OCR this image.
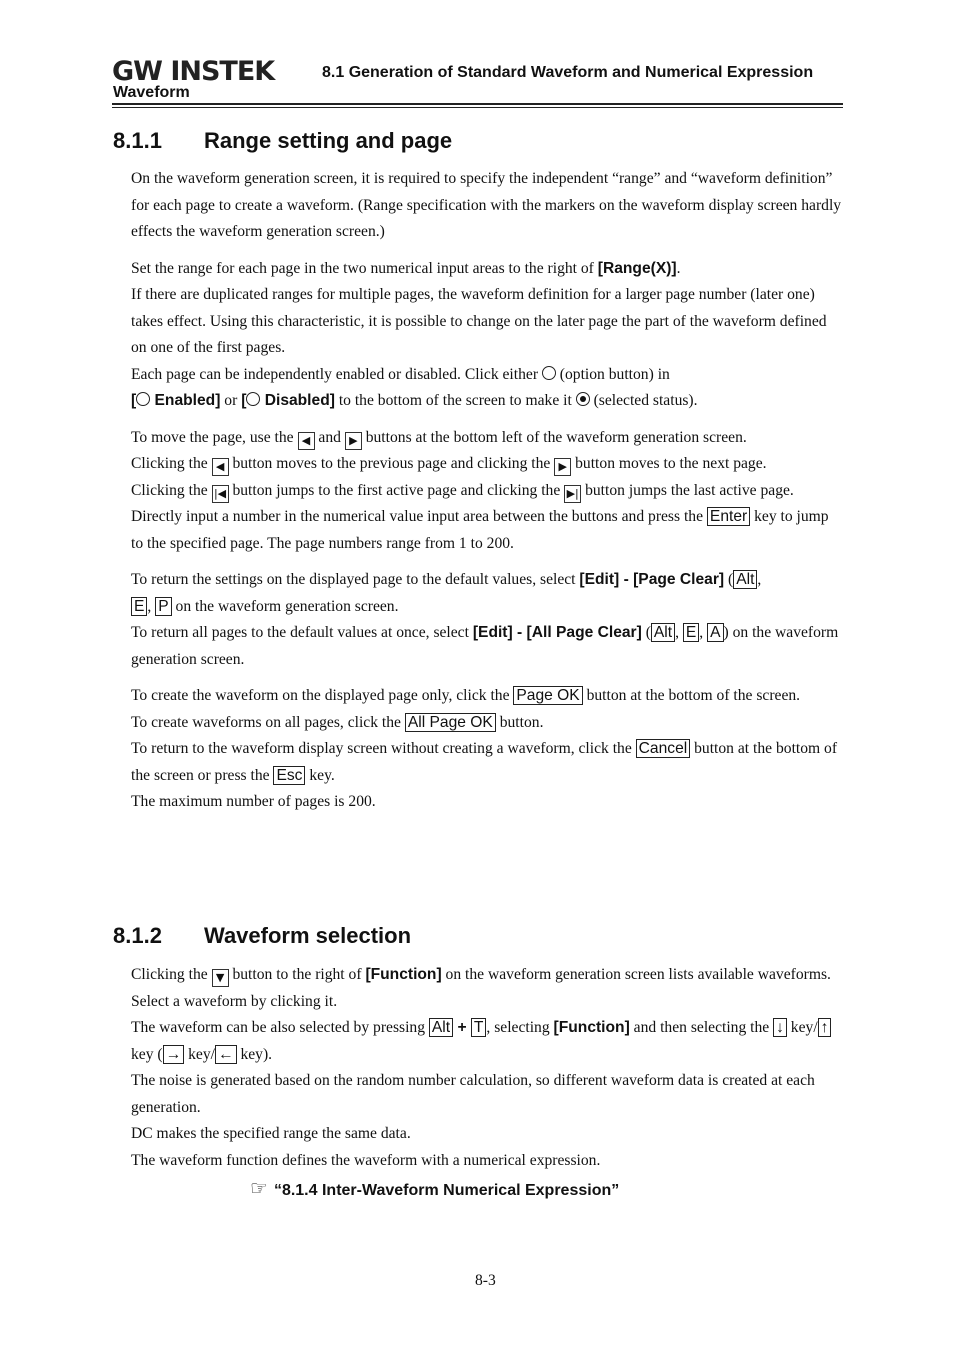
GW INSTEK	8.1 Generation of Standard Waveform and Numerical Expression
Waveform
8.1.1 Range setting and page

On the waveform generation screen, it is required to specify the independent “range” and “waveform definition” for each page to create a waveform. (Range specification with the markers on the waveform display screen hardly effects the waveform generation screen.)

Set the range for each page in the two numerical input areas to the right of [Range(X)].

If there are duplicated ranges for multiple pages, the waveform definition for a larger page number (later one) takes effect. Using this characteristic, it is possible to change on the later page the part of the waveform defined on one of the first pages.

Each page can be independently enabled or disabled. Click either  (option button) in
[ Enabled] or [ Disabled] to the bottom of the screen to make it  (selected status).

To move the page, use the ◀ and ▶ buttons at the bottom left of the waveform generation screen.

Clicking the ◀ button moves to the previous page and clicking the ▶ button moves to the next page.

Clicking the |◀ button jumps to the first active page and clicking the ▶| button jumps the last active page.

Directly input a number in the numerical value input area between the buttons and press the Enter key to jump to the specified page. The page numbers range from 1 to 200.

To return the settings on the displayed page to the default values, select [Edit] - [Page Clear] ( Alt ,
E , P on the waveform generation screen.

To return all pages to the default values at once, select [Edit] - [All Page Clear] ( Alt , E , A ) on the waveform generation screen.

To create the waveform on the displayed page only, click the Page OK button at the bottom of the screen.

To create waveforms on all pages, click the All Page OK button.

To return to the waveform display screen without creating a waveform, click the Cancel button at the bottom of the screen or press the Esc key.

The maximum number of pages is 200.

8.1.2 Waveform selection

Clicking the ▼ button to the right of [Function] on the waveform generation screen lists available waveforms. Select a waveform by clicking it.

The waveform can be also selected by pressing Alt + T , selecting [Function] and then selecting the ↓ key/ ↑ key ( → key/ ← key).

The noise is generated based on the random number calculation, so different waveform data is created at each generation.

DC makes the specified range the same data.

The waveform function defines the waveform with a numerical expression.

☞ “8.1.4 Inter-Waveform Numerical Expression”
8-3
